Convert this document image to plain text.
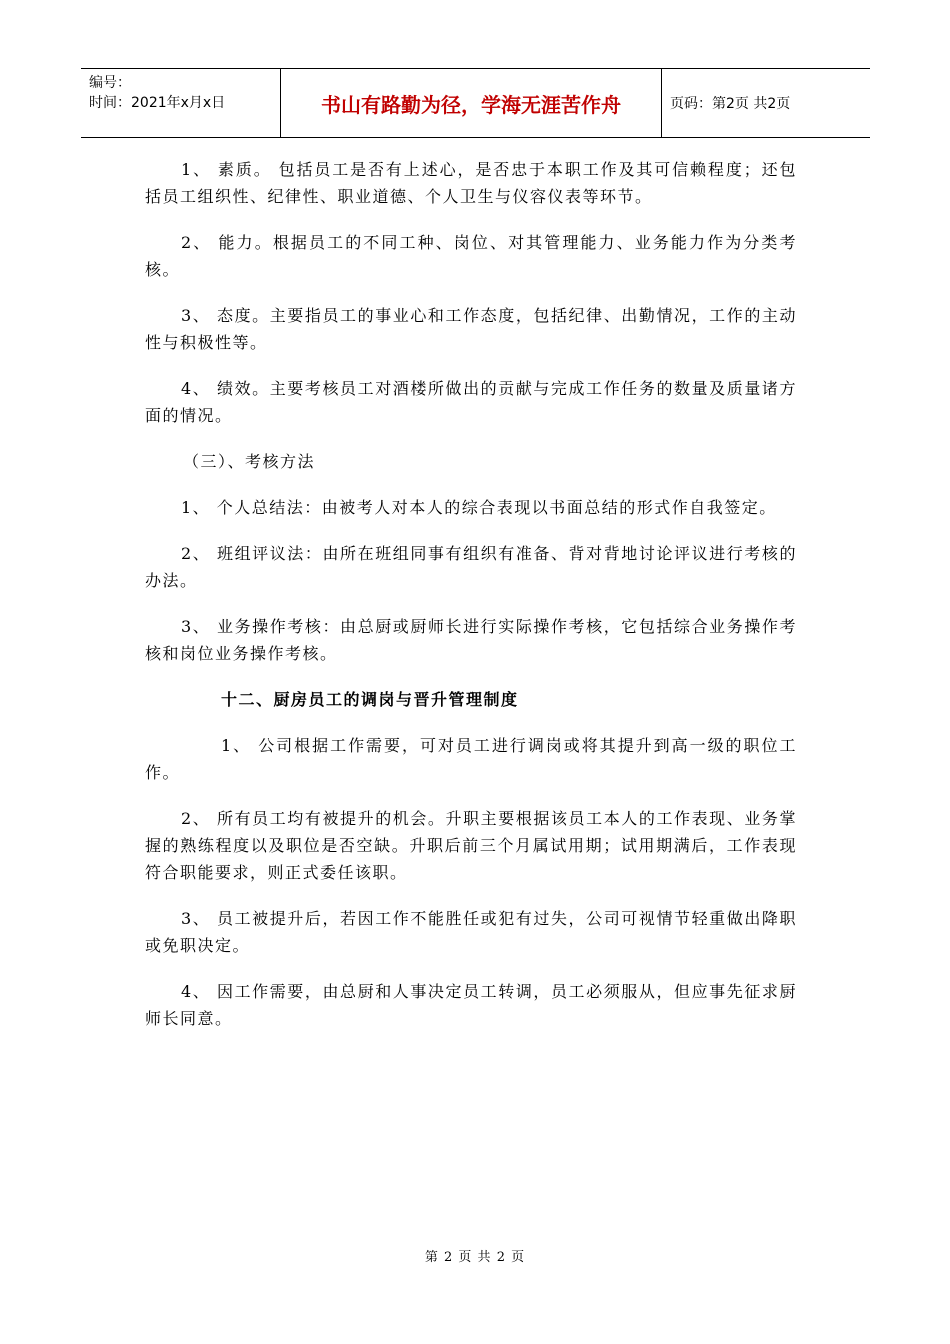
编号：
时间：2021年x月x日	书山有路勤为径，学海无涯苦作舟	页码：第2页 共2页

1、 素质。 包括员工是否有上述心，是否忠于本职工作及其可信赖程度；还包括员工组织性、纪律性、职业道德、个人卫生与仪容仪表等环节。

2、 能力。根据员工的不同工种、岗位、对其管理能力、业务能力作为分类考核。

3、 态度。主要指员工的事业心和工作态度，包括纪律、出勤情况，工作的主动性与积极性等。

4、 绩效。主要考核员工对酒楼所做出的贡献与完成工作任务的数量及质量诸方面的情况。

（三）、考核方法

1、 个人总结法：由被考人对本人的综合表现以书面总结的形式作自我签定。

2、 班组评议法：由所在班组同事有组织有准备、背对背地讨论评议进行考核的办法。

3、 业务操作考核：由总厨或厨师长进行实际操作考核，它包括综合业务操作考核和岗位业务操作考核。

十二、厨房员工的调岗与晋升管理制度

1、 公司根据工作需要，可对员工进行调岗或将其提升到高一级的职位工作。

2、 所有员工均有被提升的机会。升职主要根据该员工本人的工作表现、业务掌握的熟练程度以及职位是否空缺。升职后前三个月属试用期；试用期满后，工作表现符合职能要求，则正式委任该职。

3、 员工被提升后，若因工作不能胜任或犯有过失，公司可视情节轻重做出降职或免职决定。

4、 因工作需要，由总厨和人事决定员工转调，员工必须服从，但应事先征求厨师长同意。

第 2 页 共 2 页
